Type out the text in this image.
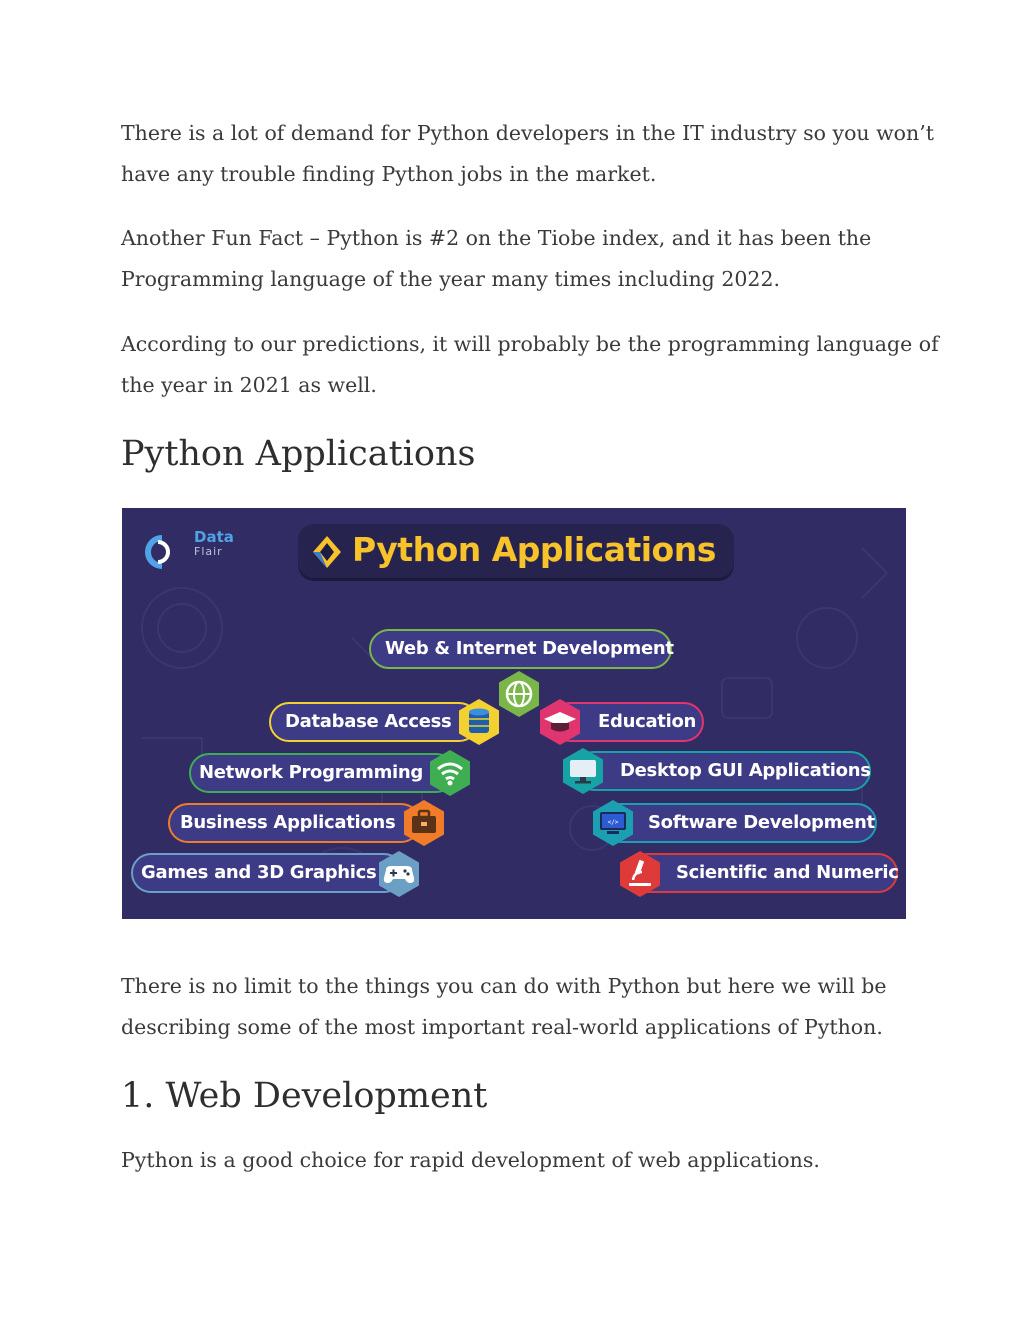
There is a lot of demand for Python developers in the IT industry so you won’t
have any trouble finding Python jobs in the market.

Another Fun Fact – Python is #2 on the Tiobe index, and it has been the
Programming language of the year many times including 2022.

According to our predictions, it will probably be the programming language of
the year in 2021 as well.

Python Applications
Data
Flair	Python Applications
Web & Internet Development
Database Access	Education
Network Programming	Desktop GUI Applications
Business Applications	Software Development
</>
Games and 3D Graphics	Scientific and Numeric

There is no limit to the things you can do with Python but here we will be
describing some of the most important real-world applications of Python.

1. Web Development

Python is a good choice for rapid development of web applications.
